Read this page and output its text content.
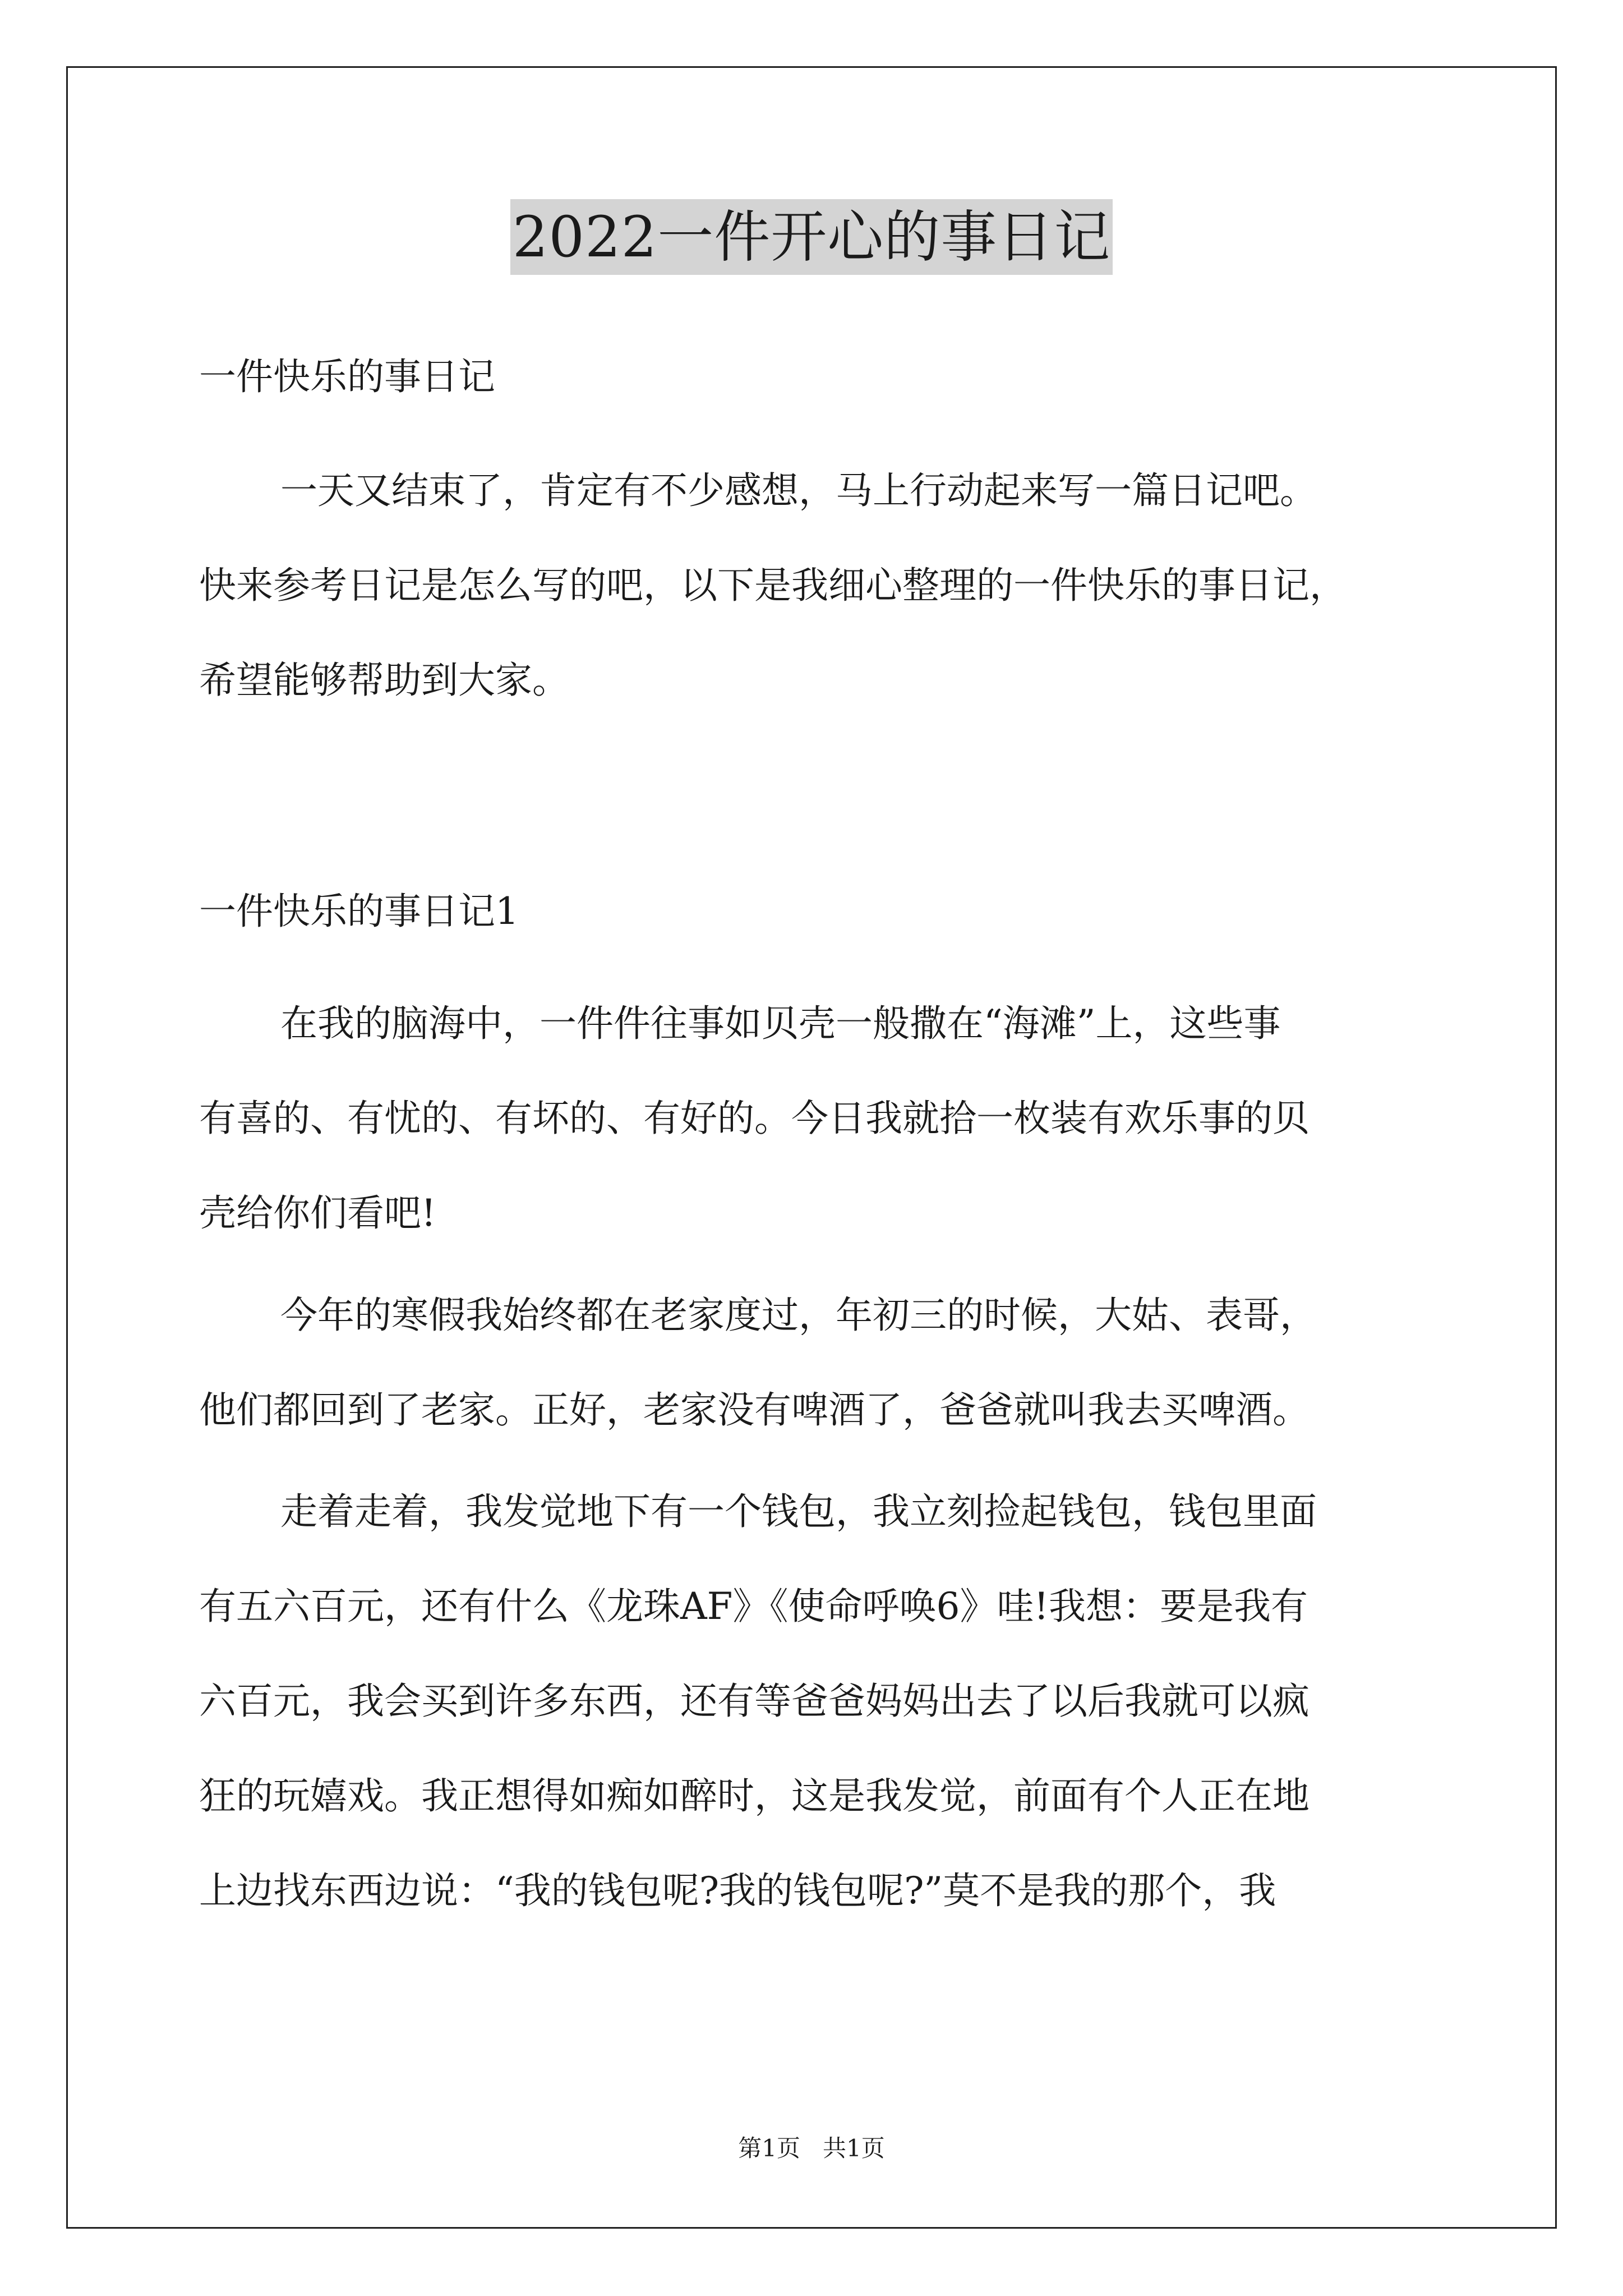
2022一件开心的事日记
一件快乐的事日记

一天又结束了，肯定有不少感想，马上行动起来写一篇日记吧。
快来参考日记是怎么写的吧，以下是我细心整理的一件快乐的事日记，
希望能够帮助到大家。

一件快乐的事日记1

在我的脑海中，一件件往事如贝壳一般撒在“海滩”上，这些事
有喜的、有忧的、有坏的、有好的。今日我就拾一枚装有欢乐事的贝
壳给你们看吧!

今年的寒假我始终都在老家度过，年初三的时候，大姑、表哥，
他们都回到了老家。正好，老家没有啤酒了，爸爸就叫我去买啤酒。

走着走着，我发觉地下有一个钱包，我立刻捡起钱包，钱包里面
有五六百元，还有什么《龙珠AF》《使命呼唤6》哇!我想：要是我有
六百元，我会买到许多东西，还有等爸爸妈妈出去了以后我就可以疯
狂的玩嬉戏。我正想得如痴如醉时，这是我发觉，前面有个人正在地
上边找东西边说：“我的钱包呢?我的钱包呢?”莫不是我的那个，我

第1页   共1页
